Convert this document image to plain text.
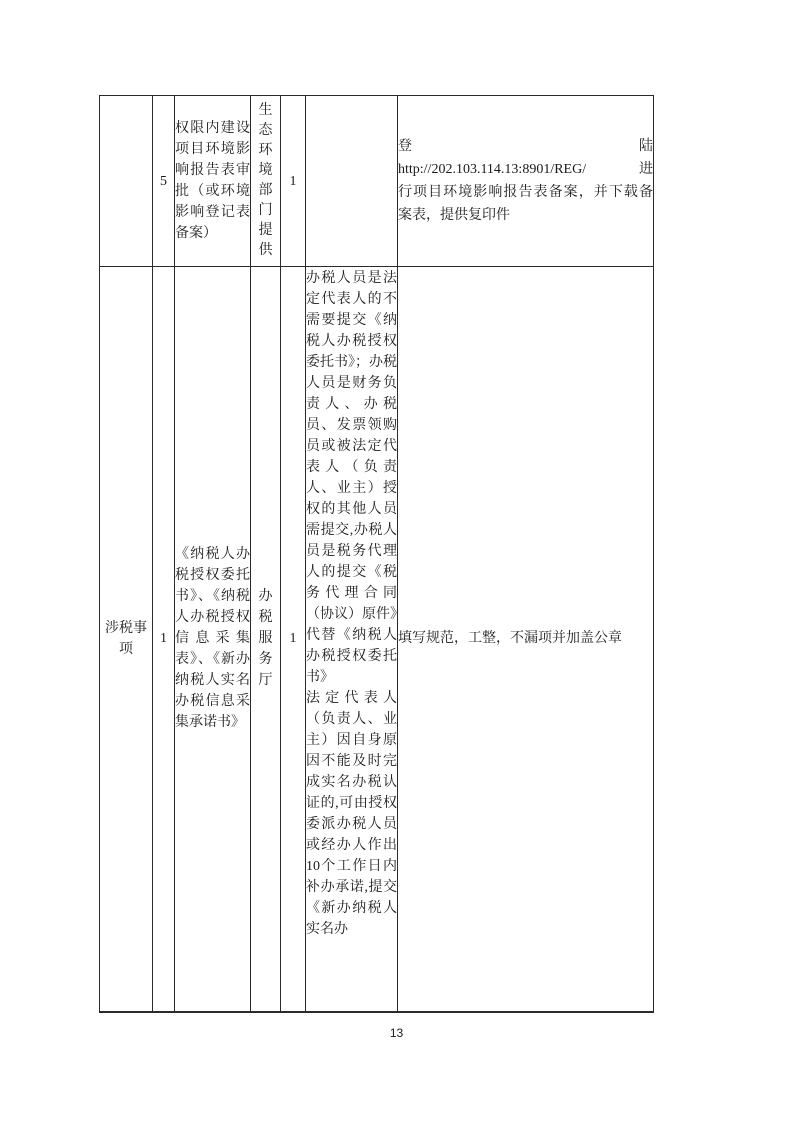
	5	权限内建设项目环境影响报告表审批（或环境影响登记表备案）	生态环境部门提供	1		登陆
http://202.103.114.13:8901/REG/ 进
行项目环境影响报告表备案，并下载备
案表，提供复印件

涉税事项	1	《纳税人办税授权委托书》、《纳税人办税授权信息采集表》、《新办纳税人实名办税信息采集承诺书》	办税服务厅	1	办税人员是法定代表人的不需要提交《纳税人办税授权委托书》；办税人员是财务负责人、办税员、发票领购员或被法定代表人（负责人、业主）授权的其他人员需提交,办税人员是税务代理人的提交《税务代理合同（协议）原件》代替《纳税人办税授权委托书》
法定代表人（负责人、业主）因自身原因不能及时完成实名办税认证的,可由授权委派办税人员或经办人作出10个工作日内补办承诺,提交《新办纳税人实名办	填写规范，工整，不漏项并加盖公章
13
